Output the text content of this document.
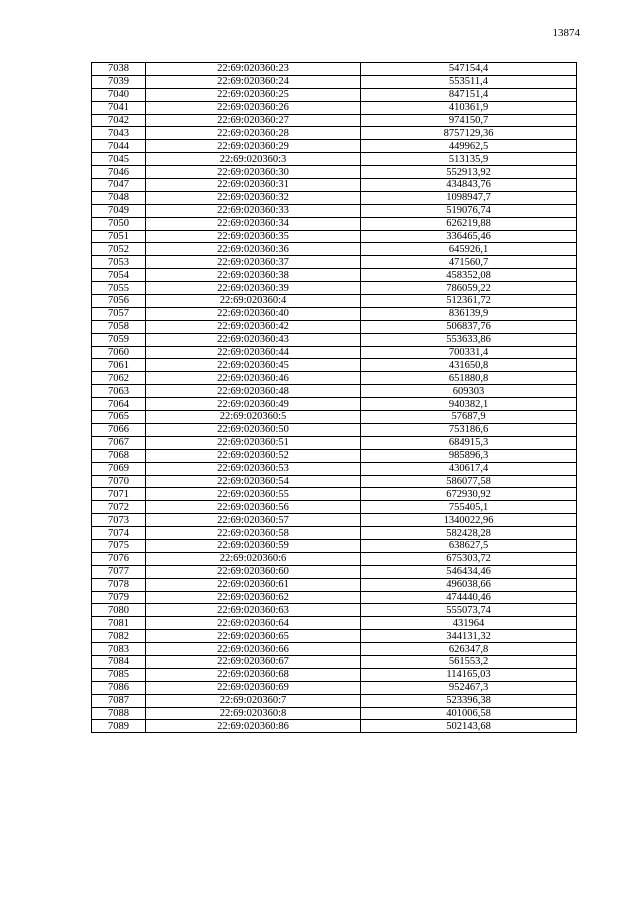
13874
7038	22:69:020360:23	547154,4
7039	22:69:020360:24	553511,4
7040	22:69:020360:25	847151,4
7041	22:69:020360:26	410361,9
7042	22:69:020360:27	974150,7
7043	22:69:020360:28	8757129,36
7044	22:69:020360:29	449962,5
7045	22:69:020360:3	513135,9
7046	22:69:020360:30	552913,92
7047	22:69:020360:31	434843,76
7048	22:69:020360:32	1098947,7
7049	22:69:020360:33	519076,74
7050	22:69:020360:34	626219,88
7051	22:69:020360:35	336465,46
7052	22:69:020360:36	645926,1
7053	22:69:020360:37	471560,7
7054	22:69:020360:38	458352,08
7055	22:69:020360:39	786059,22
7056	22:69:020360:4	512361,72
7057	22:69:020360:40	836139,9
7058	22:69:020360:42	506837,76
7059	22:69:020360:43	553633,86
7060	22:69:020360:44	700331,4
7061	22:69:020360:45	431650,8
7062	22:69:020360:46	651880,8
7063	22:69:020360:48	609303
7064	22:69:020360:49	940382,1
7065	22:69:020360:5	57687,9
7066	22:69:020360:50	753186,6
7067	22:69:020360:51	684915,3
7068	22:69:020360:52	985896,3
7069	22:69:020360:53	430617,4
7070	22:69:020360:54	586077,58
7071	22:69:020360:55	672930,92
7072	22:69:020360:56	755405,1
7073	22:69:020360:57	1340022,96
7074	22:69:020360:58	582428,28
7075	22:69:020360:59	638627,5
7076	22:69:020360:6	675303,72
7077	22:69:020360:60	546434,46
7078	22:69:020360:61	496038,66
7079	22:69:020360:62	474440,46
7080	22:69:020360:63	555073,74
7081	22:69:020360:64	431964
7082	22:69:020360:65	344131,32
7083	22:69:020360:66	626347,8
7084	22:69:020360:67	561553,2
7085	22:69:020360:68	114165,03
7086	22:69:020360:69	952467,3
7087	22:69:020360:7	523396,38
7088	22:69:020360:8	401006,58
7089	22:69:020360:86	502143,68
